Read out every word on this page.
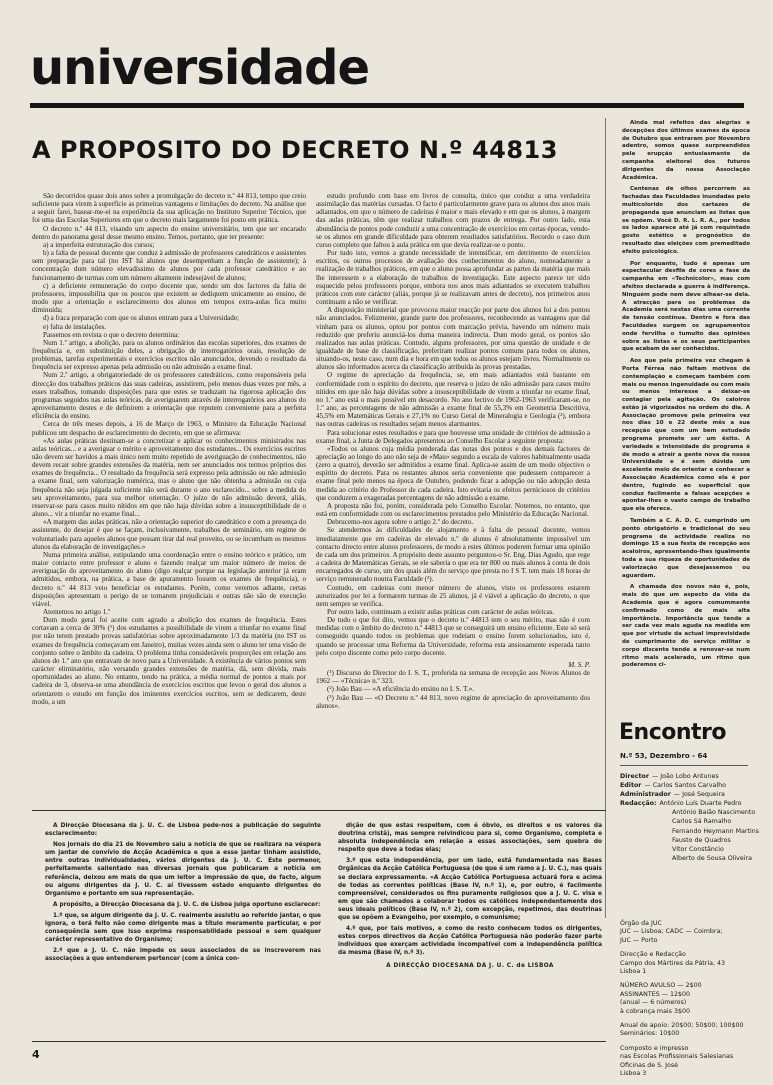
universidade
A PROPOSITO DO DECRETO N.º 44813

São decorridos quase dois anos sobre a promulgação do decreto n.º 44 813, tempo que creio suficiente para virem à superfície as primeiras vantagens e limitações do decreto. Na análise que a seguir farei, basear-me-ei na experiência da sua aplicação no Instituto Superior Técnico, que foi uma das Escolas Superiores em que o decreto mais largamente foi posto em prática.

O decreto n.º 44 813, visando um aspecto do ensino universitário, tem que ser encarado dentro do panorama geral desse mesmo ensino. Temos, portanto, que ter presente:

a) a imperfeita estruturação dos cursos;

b) a falta de pessoal docente que conduz à admissão de professores catedráticos e assistentes sem preparação para tal (no IST há alunos que desempenham a função de assistente); à concentração dum número elevadíssimo de alunos por cada professor catedrático e ao funcionamento de turmas com um número altamente indesejável de alunos;

c) a deficiente remuneração do corpo docente que, sendo um dos factores da falta de professores, impossibilita que os poucos que existem se dediquem unicamente ao ensino, de modo que a orientação e esclarecimento dos alunos em tempos extra-aulas fica muito diminuída;

d) a fraca preparação com que os alunos entram para a Universidade;

e) falta de instalações.

Passemos em revista o que o decreto determina:

Num 1.º artigo, a abolição, para os alunos ordinários das escolas superiores, dos exames de frequência e, em substituição deles, a obrigação de interrogatórios orais, resolução de problemas, tarefas experimentais e exercícios escritos não anunciados, devendo o resultado da frequência ser expresso apenas pela admissão ou não admissão a exame final.

Num 2.º artigo, a obrigatoriedade de os professores catedráticos, como responsáveis pela direcção dos trabalhos práticos das suas cadeiras, assistirem, pelo menos duas vezes por mês, a esses trabalhos, tomando disposições para que estes se traduzam na rigorosa aplicação dos programas seguidos nas aulas teóricas, de averiguarem através de interrogatórios aos alunos do aproveitamento destes e de definirem a orientação que reputem conveniente para a perfeita eficiência do ensino.

Cerca de três meses depois, a 16 de Março de 1963, o Ministro da Educação Nacional publicou um despacho de esclarecimento do decreto, em que se afirmava:

«As aulas práticas destinam-se a concretizar e aplicar os conhecimentos ministrados nas aulas teóricas... e a averiguar o mérito e aproveitamento dos estudantes... Os exercícios escritos não devem ser havidos a mais único nem muito repetido de averiguação de conhecimentos, não devem recair sobre grandes extensões da matéria, nem ser anunciados nos termos próprios dos exames de frequência... O resultado da frequência será expresso pela admissão ou não admissão a exame final, sem valorização numérica, mas o aluno que não obtenha a admissão ou cuja frequência não seja julgada suficiente não será durante o ano esclarecido... sobre a medida do seu aproveitamento, para sua melhor orientação. O juízo de não admissão deverá, aliás, reservar-se para casos muito nítidos em que não haja dúvidas sobre a insusceptibilidade de o aluno... vir a triunfar no exame final...

«A margem das aulas práticas, não a orientação superior do catedrático e com a presença do assistente, do desejar é que se façam, inclusivamente, trabalhos de seminário, em regime de voluntariado para aqueles alunos que possam tirar dal real proveito, ou se incumbam os mesmos alunos da elaboração de investigações.»

Numa primeira análise, estipulando uma coordenação entre o ensino teórico e prático, um maior contacto entre professor e aluno e fazendo realçar um maior número de meios de averiguação do aproveitamento do aluno (digo realçar porque na legislação anterior já eram admitidos, embora, na prática, a base de apuramento fossem os exames de frequência), o decreto n.º 44 813 veio beneficiar os estudantes. Porém, como veremos adiante, certas disposições apresentam o perigo de se tornarem prejudiciais e outras não são de execução viável.

Atentemos no artigo 1.º

Dum modo geral foi aceite com agrado a abolição dos exames de frequência. Estes cortavam a cerca de 30% (¹) dos estudantes a possibilidade de virem a triunfar no exame final por não terem prestado provas satisfatórias sobre aproximadamente 1/3 da matéria (no IST os exames de frequência começavam em Janeiro), muitas vezes ainda sem o aluno ter uma visão de conjunto sobre o âmbito da cadeira. O problema tinha consideráveis proporções em relação aos alunos do 1.º ano que entravam de novo para a Universidade. A existência de vários pontos sem carácter eliminatório, não versando grandes extensões de matéria, dá, sem dúvida, mais oportunidades ao aluno. No entanto, tendo na prática, a média normal de pontos a mais por cadeira de 3, observa-se uma abundância de exercícios escritos que levou o geral dos alunos a orientarem o estudo em função dos iminentes exercícios escritos, sem se dedicarem, deste modo, a um

estudo profundo com base em livros de consulta, único que conduz a uma verdadeira assimilação das matérias cursadas. O facto é particularmente grave para os alunos dos anos mais adiantados, em que o número de cadeiras é maior e mais elevado e em que os alunos, à margem das aulas práticas, têm que realizar trabalhos com prazos de entrega. Por outro lado, esta abundância de pontos pode conduzir a uma concentração de exercícios em certas épocas, vendo-se os alunos em grande dificuldade para obterem resultados satisfatórios. Recordo o caso dum curso completo que faltou à aula prática em que devia realizar-se o ponto.

Por tudo isto, vemos a grande necessidade de intensificar, em detrimento de exercícios escritos, os outros processos de avaliação dos conhecimentos do aluno, nomeadamente a realização de trabalhos práticos, em que o aluno possa aprofundar as partes da matéria que mais lhe interessem e a elaboração de trabalhos de investigação. Este aspecto parece ter sido esquecido pelos professores porque, embora nos anos mais adiantados se executem trabalhos práticos com este carácter (aliás, porque já se realizavam antes de decreto), nos primeiros anos continuam a não se verificar.

A disposição ministerial que provocou maior reacção por parte dos alunos foi a dos pontos não anunciados. Felizmente, grande parte dos professores, reconhecendo as vantagens que dal vinham para os alunos, optou por pontos com marcação prévia, havendo um número mais reduzido que preferiu anunciá-los duma maneira indirecta. Dum modo geral, os pontos são realizados nas aulas práticas. Contudo, alguns professores, por uma questão de unidade e de igualdade de base de classificação, preferiram realizar pontos comuns para todos os alunos, situando-os, neste caso, num dia e hora em que todos os alunos estejam livres. Normalmente os alunos são informados acerca da classificação atribuída às provas prestadas.

O regime de apreciação da frequência, se, em mais adiantados está bastante em conformidade com o espírito do decreto, que reserva o juízo de não admissão para casos muito nítidos em que não haja dúvidas sobre a insusceptibilidade de virem a triunfar no exame final, no 1.º ano está o mais possível em desacordo. No ano lectivo de 1962-1963 verificaram-se, no 1.º ano, as percentagens de não admissão a exame final de 55,3% em Geometria Descritiva, 45,5% em Matemáticas Gerais e 27,1% no Curso Geral de Mineralogia e Geologia (²), embora nas outras cadeiras os resultados sejam menos alarmantes.

Para solucionar estes resultados e para que houvesse uma unidade de critérios de admissão a exame final, a Junta de Delegados apresentou ao Conselho Escolar a seguinte proposta:

«Todos os alunos cuja média ponderada das notas dos pontos e dos demais factores de apreciação ao longo do ano não seja de «Mau» segundo a escala de valores habitualmente usada (zero a quatro), deverão ser admitidos a exame final. Aplica-se assim de um modo objectivo o espírito do decreto. Para os restantes alunos seria conveniente que pudessem comparecer a exame final pelo menos na época de Outubro, podendo ficar a adopção ou não adopção desta medida ao critério do Professor de cada cadeira. Isto evitaria os efeitos perniciosos de critérios que conduzem a exageradas percentagens de não admissão a exame.

A proposta não foi, porém, considerada pelo Conselho Escolar. Notemos, no entanto, que está em conformidade com os esclarecimentos prestados pelo Ministério da Educação Nacional.

Debrucemo-nos agora sobre o artigo 2.º do decreto.

Se atendermos às dificuldades de alojamento e à falta de pessoal docente, vemos imediatamente que em cadeiras de elevado n.º de alunos é absolutamente impossível um contacto directo entre alunos professores, de modo a estes últimos poderem formar uma opinião de cada um dos primeiros. A propósito deste assunto perguntou-o Sr. Eng. Dias Agudo, que rege a cadeira de Matemáticas Gerais, se ele saberia o que era ter 800 ou mais alunos à conta de dois encarregados de curso, um dos quais além do serviço que presta no I S T. tem mais 18 horas de serviço remunerado noutra Faculdade (³).

Contudo, em cadeiras com menor número de alunos, visto os professores estarem autorizados por lei a formarem turmas de 25 alunos, já é viável a aplicação do decreto, o que nem sempre se verifica.

Por outro lado, continuam a existir aulas práticas com carácter de aulas teóricas.

De tudo o que foi dito, vemos que o decreto n.º 44813 tem o seu mérito, mas não é com medidas com o âmbito do decreto n.º 44813 que se conseguirá um ensino eficiente. Este só será conseguido quando todos os problemas que rodeiam o ensino forem solucionados, isto é, quando se processar uma Reforma da Universidade, reforma esta ansiosamente esperada tanto pelo corpo discente como pelo corpo docente.

M. S. P.

(¹) Discurso do Director do I. S. T., proferida na semana de recepção aos Novos Alunos de 1962 — «Técnica» n.º 323.

(²) João Bau — «A eficiência do ensino no I. S. T.».

(³) João Bau — «O Decreto n.º 44 813, novo regime de apreciação do aproveitamento dos alunos».

Ainda mal refeitos das alegrias e decepções dos últimos exames da época de Outubro que entraram por Novembro adentro, somos quase surpreendidos pela erupção entusiasmante da campanha eleitoral dos futuros dirigentes da nossa Associação Académica.

Centenas de olhos percorrem as fachadas das Faculdades inundadas pelo multicolorido dos cartazes de propaganda que anunciam as listas que se opõem. Você D. R. L. R. A., por todos os lados aparece até já com requintado gosto estético e prognóstico do resultado das eleições com premeditado efeito psicológico.

Por enquanto, tudo é apenas um espectacular desfile de cores a fase da campanha em «Technicolor», mas com afeitos declarada a guerra à indiferença. Ninguém pode nem deve alhear-se dela. A atracção para os problemas da Academia será nestas dias uma corrente de tensão contínua. Dentro e fora das Faculdades surgem os agrupamentos onde fervilha o tumulto das opiniões sobre as listas e os seus participantes que acabam de ser conhecidos.

Aos que pela primeira vez chegam à Porta Férrea não faltam motivos de contemplação e começam também com mais ou menos ingenuidade ou com mais ou menos interesse a deixar-se contagiar pela agitação. Os caloiros estão já vigorizados na ordem do dia. A Associação promove pela primeira vez nos dias 10 e 22 deste mês a sua recepção que com um bem estudado programa promete ser um êxito. A variedade e intensidade do programa é de modo a atrair a gente nova da nossa Universidade e é sem dúvida um excelente meio de orientar e conhecer a Associação Académica como ela é por dentro, fugindo ao superficial que conduz facilmente a falsas acepções e apontar-lhes o vasto campo de trabalho que ela oferece.

Também a C. A. D. C. cumprindo um ponto obrigatório e tradicional do seu programa de actividade realiza no domingo 15 a sua festa de recepção aos acaloiros, apresentando-lhes igualmente toda a sua riqueza de oportunidades de valorização que desejassemos ou aguardam.

A chamada dos novos não é, pois, mais do que um aspecto da vida da Academia que é agora comummente confirmado como de mais alta importância. Importância que tende a ser cada vez mais aguda na medida em que por virtude da actual imprevisidade de cumprimento do serviço militar o corpo discente tende a renovar-se num ritmo mais acelerado, um ritmo que poderemos ci-

Encontro
N.º 53, Dezembro - 64
Director — João Lobo Antunes
Editor — Carlos Santos Carvalho
Administrador — José Sequeira
Redacção: António Luís Duarte Pedro
António Baião Nascimento
Carlos Sá Ramalho
Fernando Heymann Martins
Fausto de Quadros
Vítor Constâncio
Alberto de Sousa Oliveira
Órgão da JUC
JUC — Lisboa; CADC — Coimbra;
JUC — Porto
Direcção e Redacção
Campo dos Mártires da Pátria, 43
Lisboa 1
NÚMERO AVULSO — 2$00
ASSINANTES — 12$00
(anual — 6 números)
à cobrança mais 3$00
Anual de apoio: 20$00; 50$00; 100$00
Seminários: 10$00
Composto e impresso
nas Escolas Profissionais Salesianas
Oficinas de S. José
Lisboa 3

A Direcção Diocesana da J. U. C. de Lisboa pede-nos a publicação do seguinte esclarecimento:

Nos jornais do dia 21 de Novembro saiu a notícia de que se realizara na véspera um jantar de convívio de Acção Académica e que a esse jantar tinham assistido, entre outras individualidades, vários dirigentes da J. U. C. Este pormenor, perfeitamente salientado nas diversas jornais que publicaram a notícia em referência, deixou em mais de que um leitor a impressão de que, de facto, algum ou alguns dirigentes da J. U. C. aí tivessem estado enquanto dirigentes do Organismo e portanto em sua representação.

A propósito, a Direcção Diocesana da J. U. C. de Lisboa julga oportuno esclarecer:

1.º que, se algum dirigente da J. U. C. realmente assistiu ao referido jantar, o que ignora, o terá feito não como dirigente mas a título meramente particular, e por consequência sem que isso exprima responsabilidade pessoal e sem qualquer carácter representativo do Organismo;

2.º que a J. U. C. não impede os seus associados de se inscreverem nas associações a que entenderem pertencer (com a única con-

dição de que estas respeitem, com é óbvio, os direitos e os valores da doutrina cristã), mas sempre reivindicou para si, como Organismo, completa e absoluta independência em relação a essas associações, sem quebra do respeito que deve a todas elas;

3.º que esta independência, por um lado, está fundamentada nas Bases Orgânicas da Acção Católica Portuguesa (de que é um ramo a J. U. C.), nas quais se declara expressamente. «A Acção Católica Portuguesa actuará fora e acima de todas as correntes políticas (Base IV, n.º 1), e, por outro, é facilmente compreensível, considerados os fins puramente religiosos que a J. U. C. visa e em que são chamados a colaborar todos os católicos independentemente dos seus ideais políticos (Base IV, n.º 2), com excepção, repetimos, das doutrinas que se opõem a Evangelho, por exemplo, o comunismo;

4.º que, por tais motivos, e como de resto conhecem todos os dirigentes, estes corpos directivos da Acção Católica Portuguesa não poderão fazer parte indivíduos que exerçam actividade incompatível com a independência política da mesma (Base IV, n.º 3).

A DIRECÇÃO DIOCESANA DA J. U. C. de LISBOA

4
